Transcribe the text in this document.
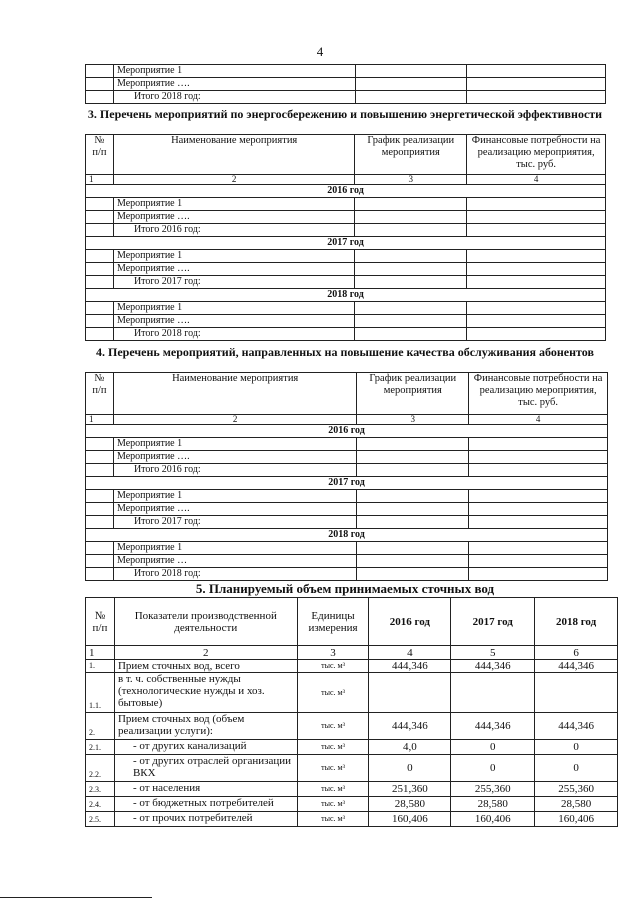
4
	Мероприятие 1		
	Мероприятие ….		
	Итого 2018 год:		
3. Перечень мероприятий по энергосбережению и повышению энергетической эффективности
№ п/п	Наименование мероприятия	График реализации мероприятия	Финансовые потребности на реализацию мероприятия, тыс. руб.
1	2	3	4
2016 год			
	Мероприятие 1		
	Мероприятие ….		
	Итого 2016 год:		
2017 год			
	Мероприятие 1		
	Мероприятие ….		
	Итого 2017 год:		
2018 год			
	Мероприятие 1		
	Мероприятие ….		
	Итого 2018 год:		
4. Перечень мероприятий, направленных на повышение качества обслуживания абонентов
№ п/п	Наименование мероприятия	График реализации мероприятия	Финансовые потребности на реализацию мероприятия, тыс. руб.
1	2	3	4
2016 год			
	Мероприятие 1		
	Мероприятие ….		
	Итого 2016 год:		
2017 год			
	Мероприятие 1		
	Мероприятие ….		
	Итого 2017 год:		
2018 год			
	Мероприятие 1		
	Мероприятие …		
	Итого 2018 год:		
5. Планируемый объем принимаемых сточных вод
№ п/п	Показатели производственной деятельности	Единицы измерения	2016 год	2017 год	2018 год
1	2	3	4	5	6
1.	Прием сточных вод, всего	тыс. м³	444,346	444,346	444,346
1.1.	в т. ч. собственные нужды (технологические нужды и хоз. бытовые)	тыс. м³			
2.	Прием сточных вод (объем реализации услуги):	тыс. м³	444,346	444,346	444,346
2.1.	- от других канализаций	тыс. м³	4,0	0	0
2.2.	- от других отраслей организации ВКХ	тыс. м³	0	0	0
2.3.	- от населения	тыс. м³	251,360	255,360	255,360
2.4.	- от бюджетных потребителей	тыс. м³	28,580	28,580	28,580
2.5.	- от прочих потребителей	тыс. м³	160,406	160,406	160,406
